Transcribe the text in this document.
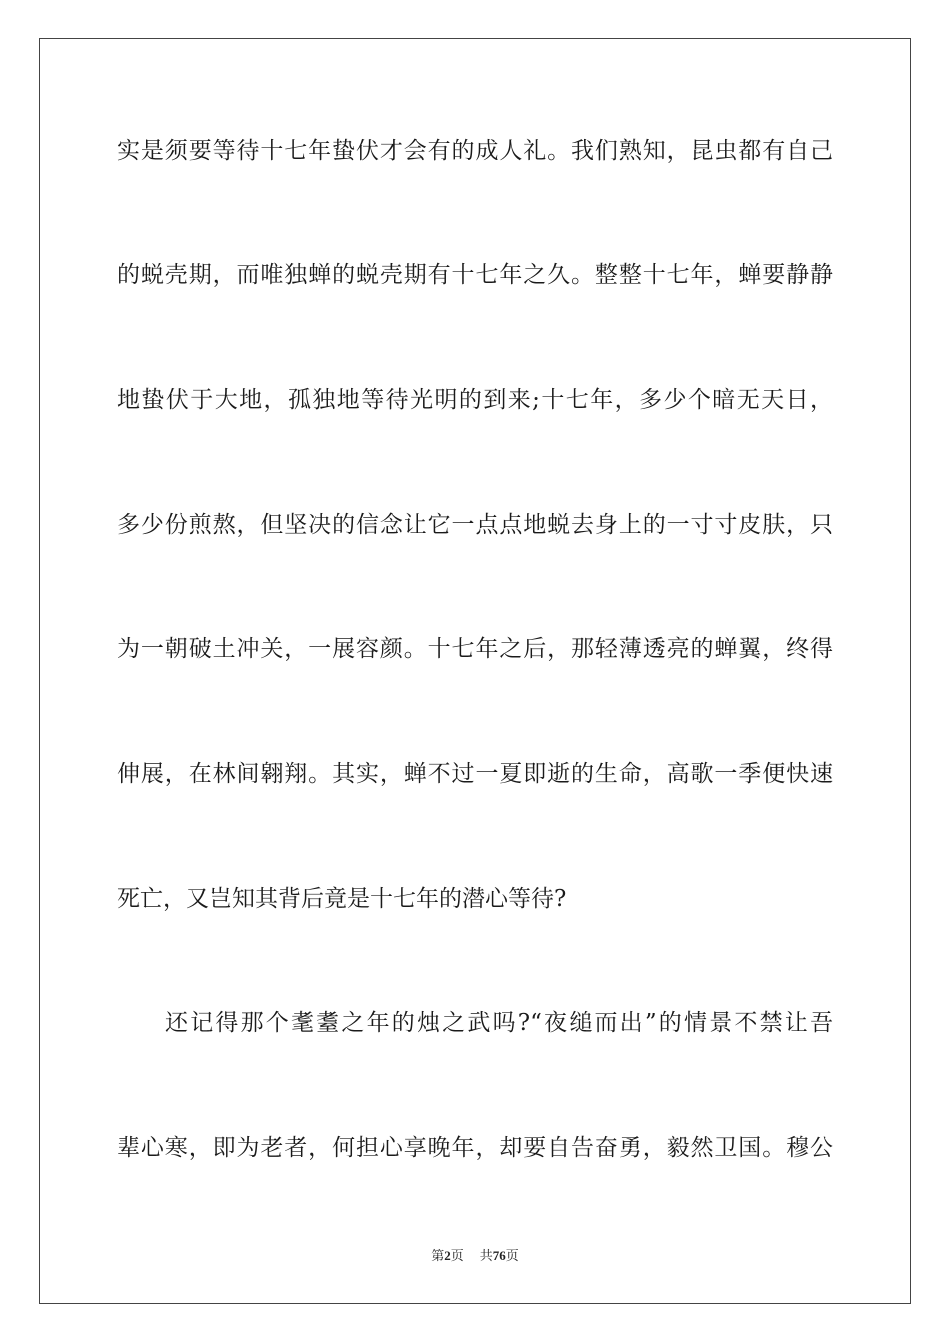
实是须要等待十七年蛰伏才会有的成人礼。我们熟知，昆虫都有自己
的蜕壳期，而唯独蝉的蜕壳期有十七年之久。整整十七年，蝉要静静
地蛰伏于大地，孤独地等待光明的到来;十七年，多少个暗无天日，
多少份煎熬，但坚决的信念让它一点点地蜕去身上的一寸寸皮肤，只
为一朝破土冲关，一展容颜。十七年之后，那轻薄透亮的蝉翼，终得
伸展，在林间翱翔。其实，蝉不过一夏即逝的生命，高歌一季便快速
死亡，又岂知其背后竟是十七年的潜心等待?
还记得那个耄耋之年的烛之武吗?“夜缒而出”的情景不禁让吾
辈心寒，即为老者，何担心享晚年，却要自告奋勇，毅然卫国。穆公
第2页 共76页
